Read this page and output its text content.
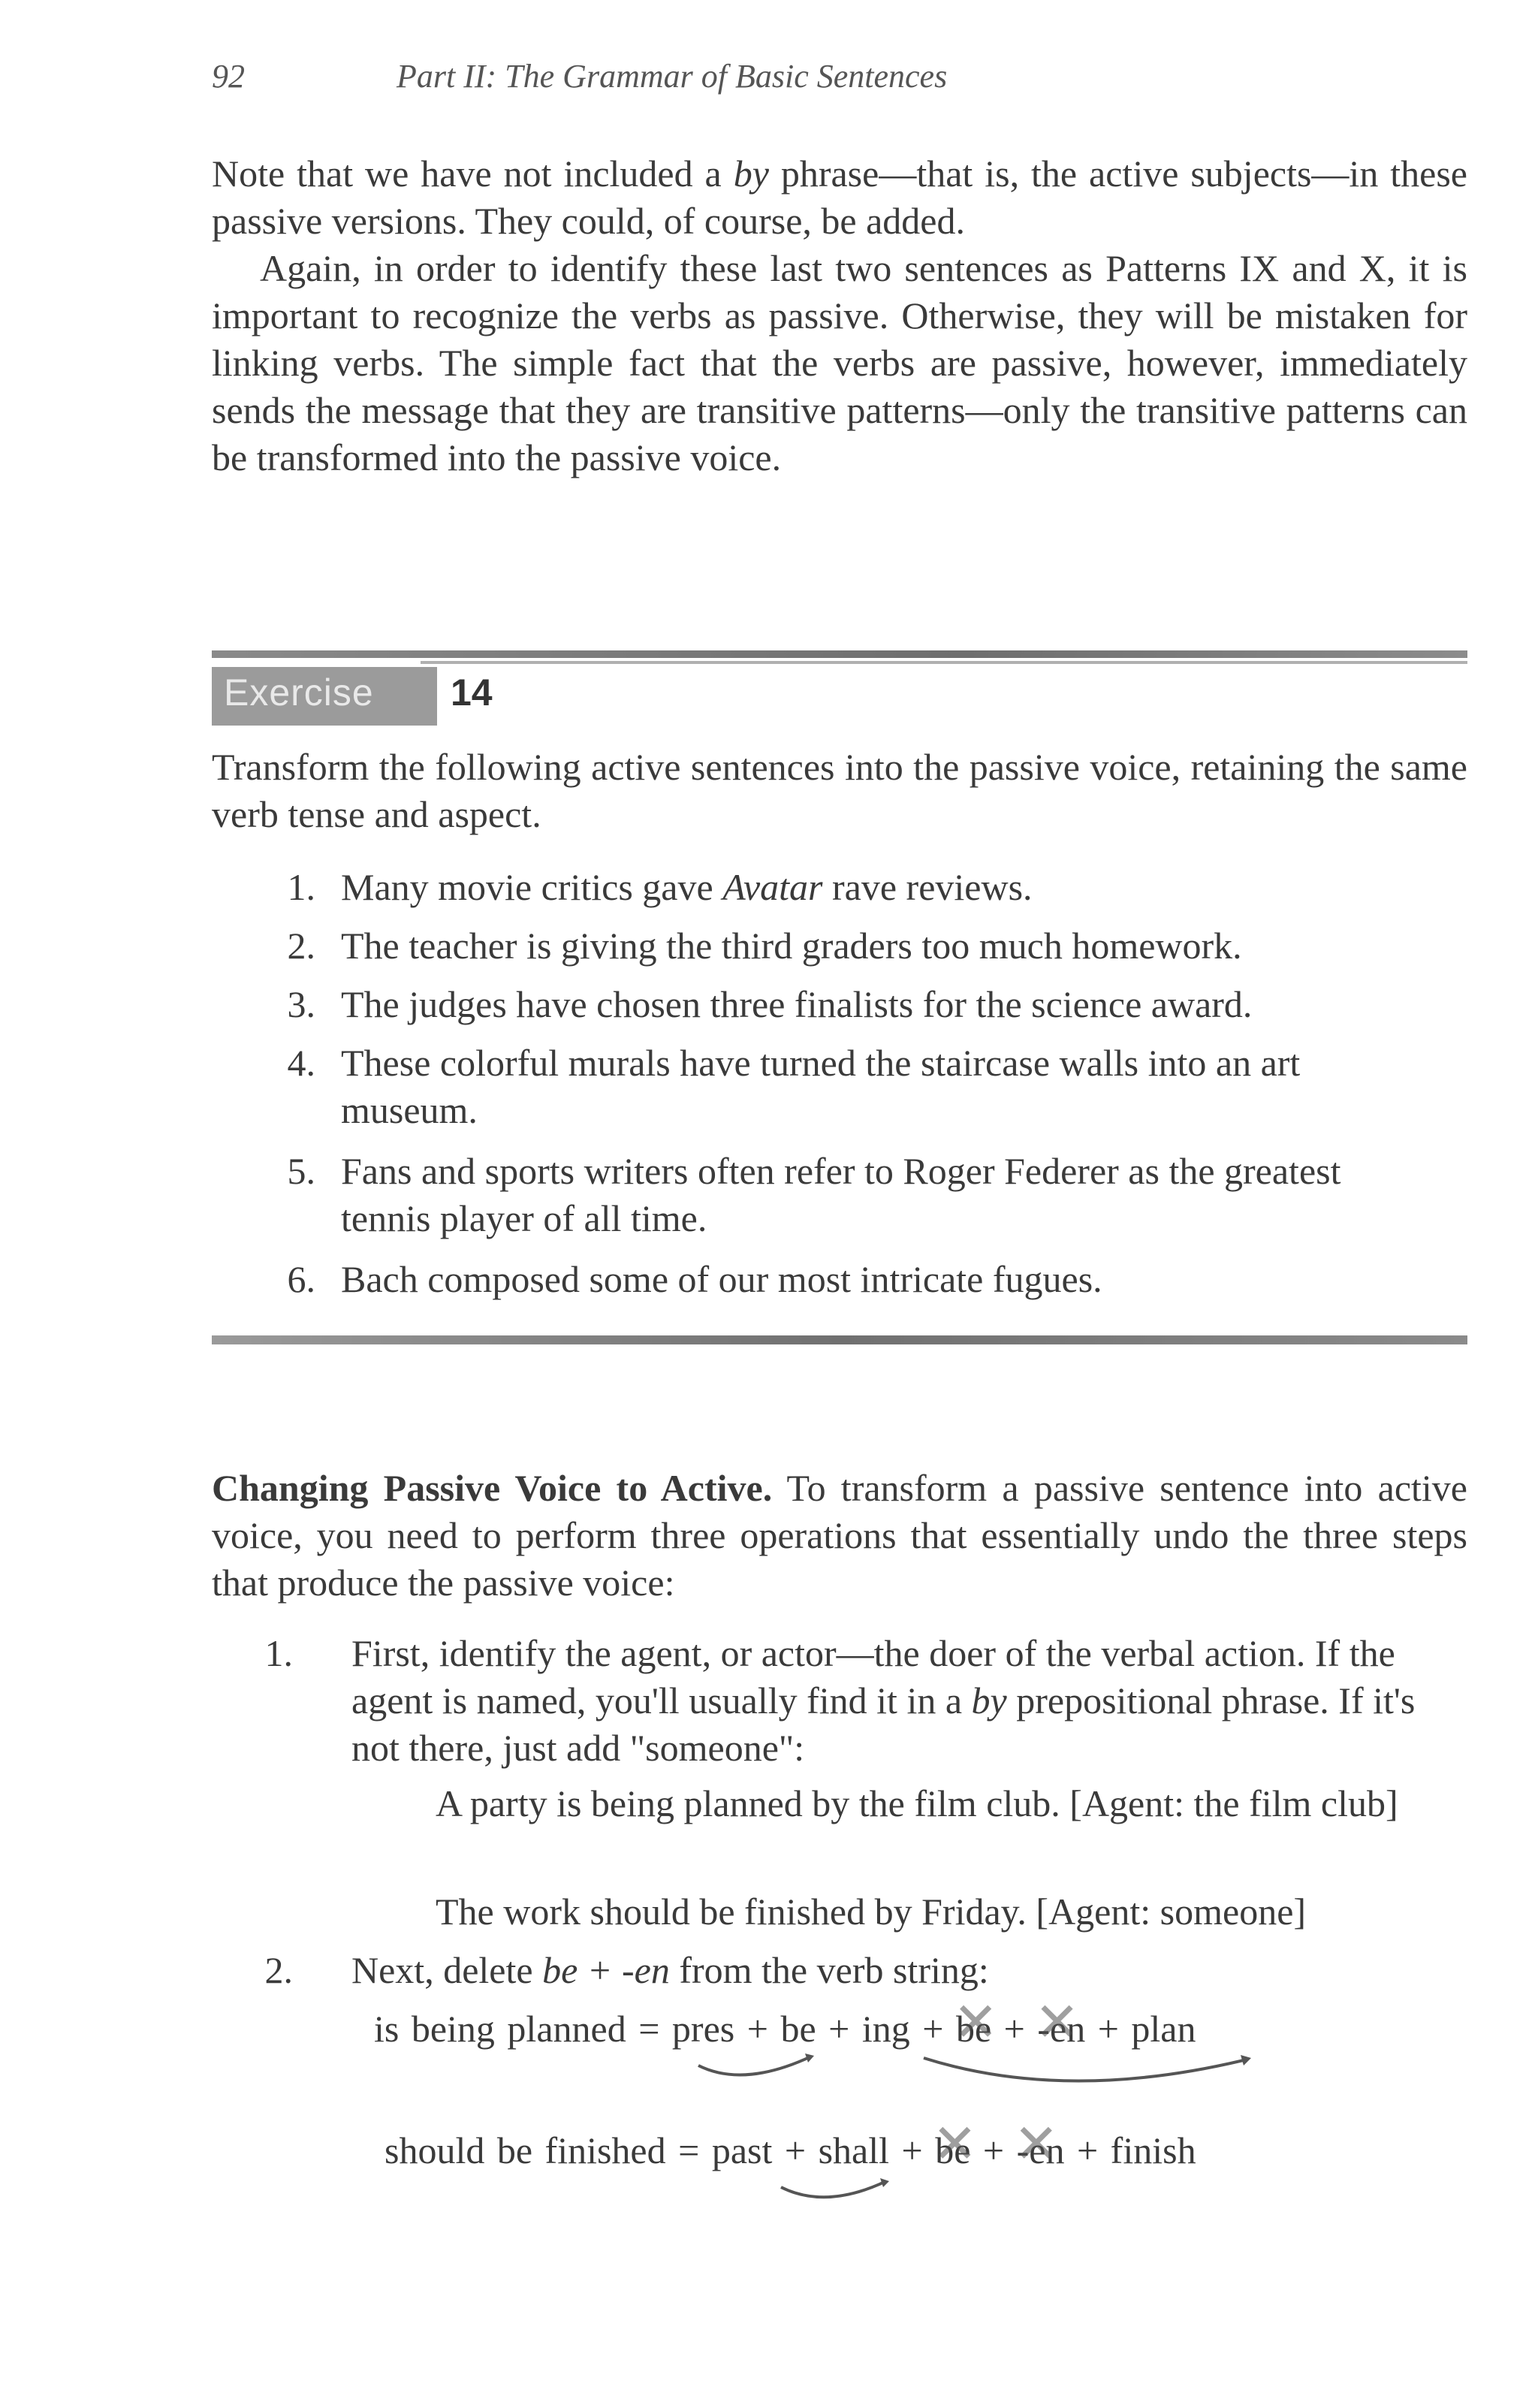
92	Part II: The Grammar of Basic Sentences
Note that we have not included a by phrase—that is, the active subjects—in these passive versions. They could, of course, be added.
Again, in order to identify these last two sentences as Patterns IX and X, it is important to recognize the verbs as passive. Otherwise, they will be mistaken for linking verbs. The simple fact that the verbs are passive, however, immediately sends the message that they are transitive patterns—only the transitive patterns can be transformed into the passive voice.
Exercise 14
Transform the following active sentences into the passive voice, retaining the same verb tense and aspect.
1. Many movie critics gave Avatar rave reviews.
2. The teacher is giving the third graders too much homework.
3. The judges have chosen three finalists for the science award.
4. These colorful murals have turned the staircase walls into an art
museum.
5. Fans and sports writers often refer to Roger Federer as the greatest
tennis player of all time.
6. Bach composed some of our most intricate fugues.
Changing Passive Voice to Active. To transform a passive sentence into active voice, you need to perform three operations that essentially undo the three steps that produce the passive voice:
1. First, identify the agent, or actor—the doer of the verbal action. If the agent is named, you'll usually find it in a by prepositional phrase. If it's not there, just add "someone":
A party is being planned by the film club. [Agent: the film club]
The work should be finished by Friday. [Agent: someone]
2. Next, delete be + -en from the verb string:
is being planned = pres + be + ing + be ✕ + -en ✕ + plan
should be finished = past + shall + be ✕ + -en ✕ + finish
